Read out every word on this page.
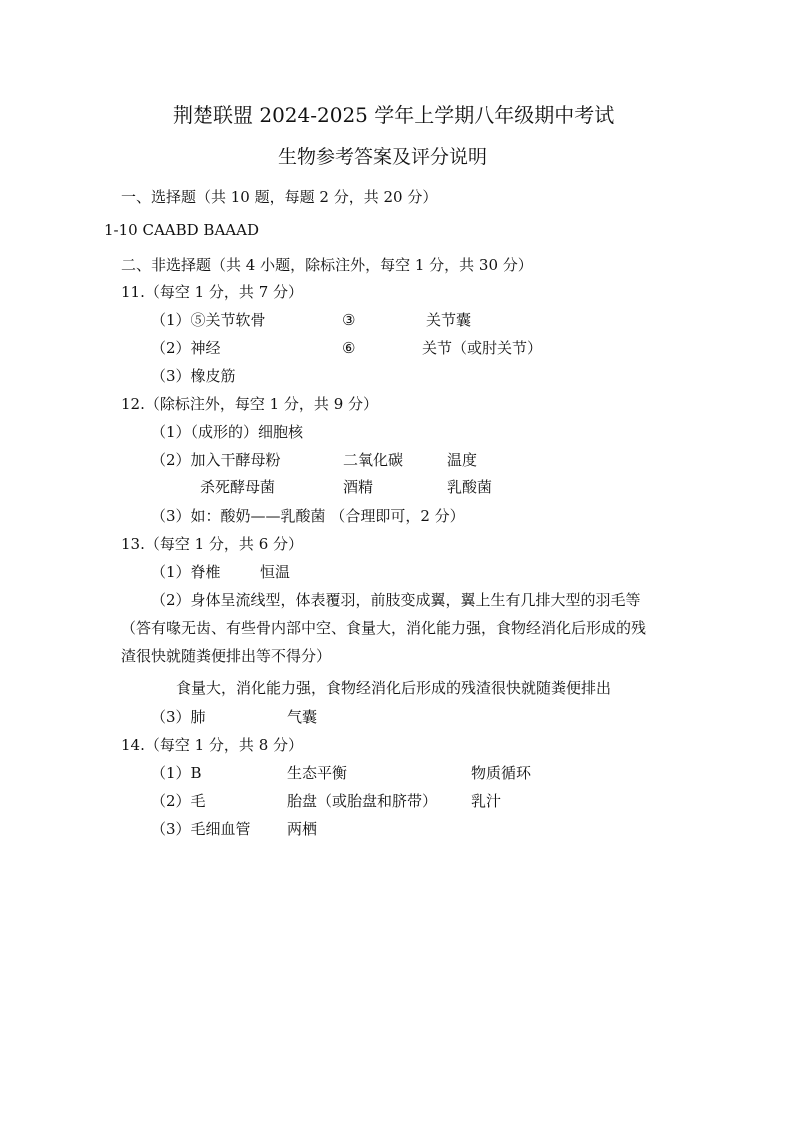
荆楚联盟 2024-2025 学年上学期八年级期中考试
生物参考答案及评分说明
一、选择题（共 10 题，每题 2 分，共 20 分）
1-10 CAABD BAAAD
二、非选择题（共 4 小题，除标注外，每空 1 分，共 30 分）
11.（每空 1 分，共 7 分）
（1）⑤关节软骨	③	关节囊
（2）神经	⑥	关节（或肘关节）
（3）橡皮筋
12.（除标注外，每空 1 分，共 9 分）
（1）（成形的）细胞核
（2）加入干酵母粉	二氧化碳	温度
杀死酵母菌	酒精	乳酸菌
（3）如：酸奶——乳酸菌 （合理即可，2 分）
13.（每空 1 分，共 6 分）
（1）脊椎	恒温
（2）身体呈流线型，体表覆羽，前肢变成翼，翼上生有几排大型的羽毛等
（答有喙无齿、有些骨内部中空、食量大，消化能力强，食物经消化后形成的残
渣很快就随粪便排出等不得分）
食量大，消化能力强，食物经消化后形成的残渣很快就随粪便排出
（3）肺	气囊
14.（每空 1 分，共 8 分）
（1）B	生态平衡	物质循环
（2）毛	胎盘（或胎盘和脐带） 乳汁
（3）毛细血管 两栖
